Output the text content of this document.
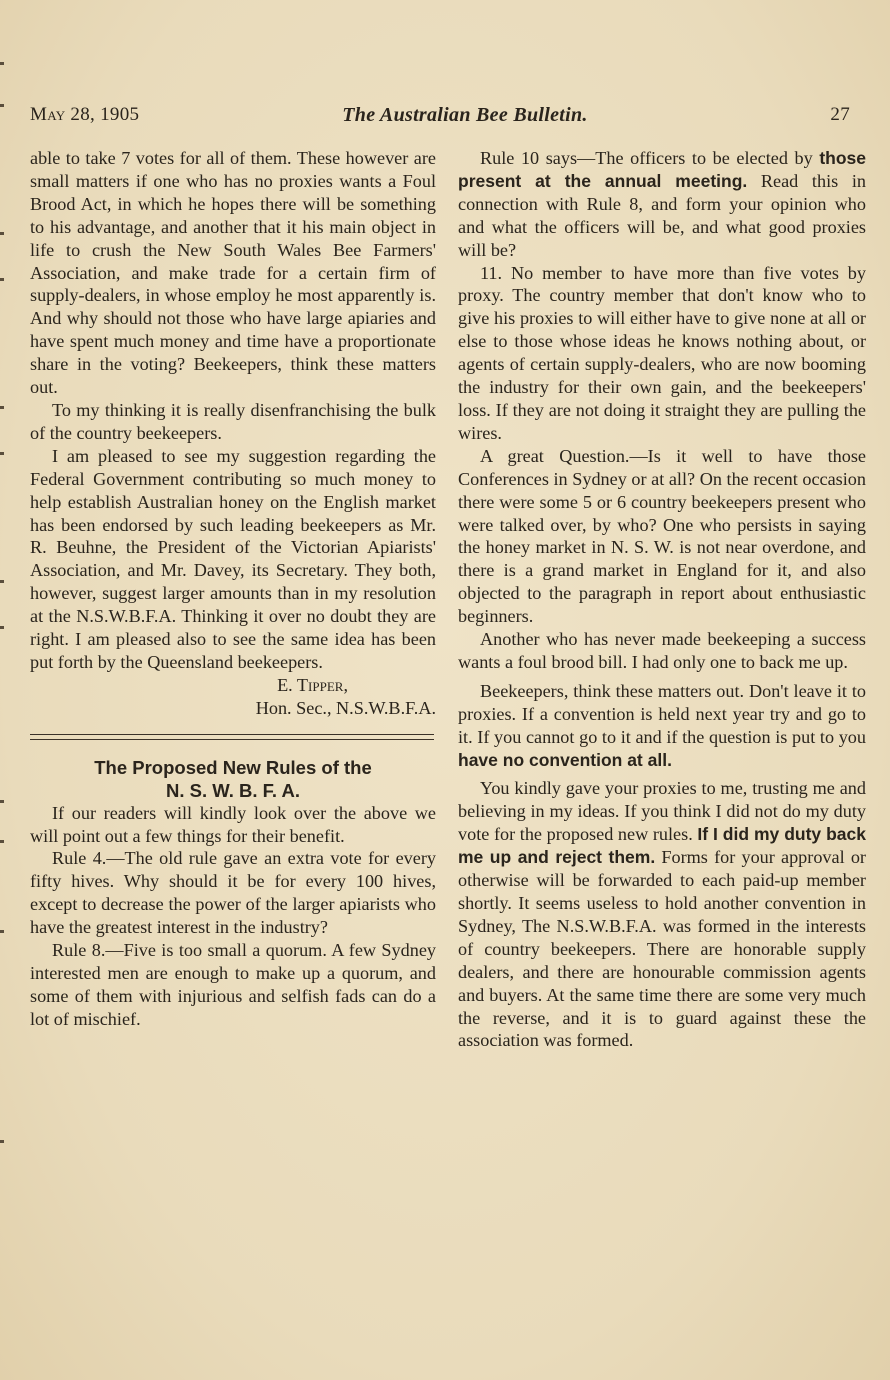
May 28, 1905	The Australian Bee Bulletin.	27

able to take 7 votes for all of them. These however are small matters if one who has no proxies wants a Foul Brood Act, in which he hopes there will be something to his advantage, and another that it his main object in life to crush the New South Wales Bee Farmers' Association, and make trade for a certain firm of supply-dealers, in whose employ he most apparently is. And why should not those who have large apiaries and have spent much money and time have a proportionate share in the voting? Beekeepers, think these matters out.

To my thinking it is really disenfranchising the bulk of the country beekeepers.

I am pleased to see my suggestion regarding the Federal Government contributing so much money to help establish Australian honey on the English market has been endorsed by such leading beekeepers as Mr. R. Beuhne, the President of the Victorian Apiarists' Association, and Mr. Davey, its Secretary. They both, however, suggest larger amounts than in my resolution at the N.S.W.B.F.A. Thinking it over no doubt they are right. I am pleased also to see the same idea has been put forth by the Queensland beekeepers.

E. Tipper,

Hon. Sec., N.S.W.B.F.A.

The Proposed New Rules of the
N. S. W. B. F. A.

If our readers will kindly look over the above we will point out a few things for their benefit.

Rule 4.—The old rule gave an extra vote for every fifty hives. Why should it be for every 100 hives, except to decrease the power of the larger apiarists who have the greatest interest in the industry?

Rule 8.—Five is too small a quorum. A few Sydney interested men are enough to make up a quorum, and some of them with injurious and selfish fads can do a lot of mischief.

Rule 10 says—The officers to be elected by those present at the annual meeting. Read this in connection with Rule 8, and form your opinion who and what the officers will be, and what good proxies will be?

11. No member to have more than five votes by proxy. The country member that don't know who to give his proxies to will either have to give none at all or else to those whose ideas he knows nothing about, or agents of certain supply-dealers, who are now booming the industry for their own gain, and the beekeepers' loss. If they are not doing it straight they are pulling the wires.

A great Question.—Is it well to have those Conferences in Sydney or at all? On the recent occasion there were some 5 or 6 country beekeepers present who were talked over, by who? One who persists in saying the honey market in N. S. W. is not near overdone, and there is a grand market in England for it, and also objected to the paragraph in report about enthusiastic beginners.

Another who has never made beekeeping a success wants a foul brood bill. I had only one to back me up.

Beekeepers, think these matters out. Don't leave it to proxies. If a convention is held next year try and go to it. If you cannot go to it and if the question is put to you have no convention at all.

You kindly gave your proxies to me, trusting me and believing in my ideas. If you think I did not do my duty vote for the proposed new rules. If I did my duty back me up and reject them. Forms for your approval or otherwise will be forwarded to each paid-up member shortly. It seems useless to hold another convention in Sydney, The N.S.W.B.F.A. was formed in the interests of country beekeepers. There are honorable supply dealers, and there are honourable commission agents and buyers. At the same time there are some very much the reverse, and it is to guard against these the association was formed.
